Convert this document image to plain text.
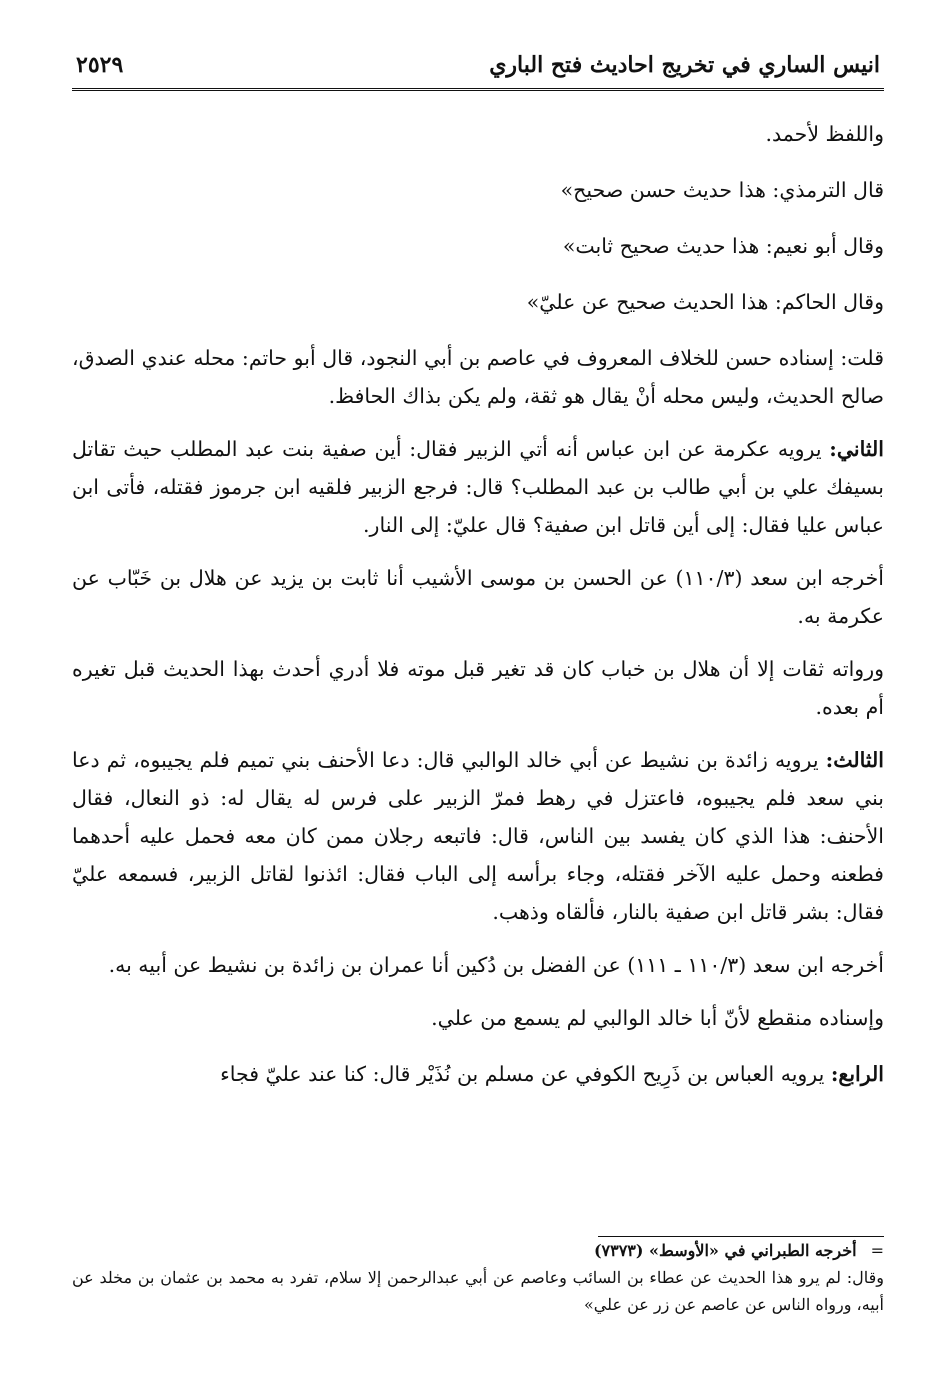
انيس الساري في تخريج احاديث فتح الباري
٢٥٢٩

واللفظ لأحمد.

قال الترمذي: هذا حديث حسن صحيح»

وقال أبو نعيم: هذا حديث صحيح ثابت»

وقال الحاكم: هذا الحديث صحيح عن عليّ»

قلت: إسناده حسن للخلاف المعروف في عاصم بن أبي النجود، قال أبو حاتم: محله عندي الصدق، صالح الحديث، وليس محله أنْ يقال هو ثقة، ولم يكن بذاك الحافظ.

الثاني: يرويه عكرمة عن ابن عباس أنه أتي الزبير فقال: أين صفية بنت عبد المطلب حيث تقاتل بسيفك علي بن أبي طالب بن عبد المطلب؟ قال: فرجع الزبير فلقيه ابن جرموز فقتله، فأتى ابن عباس عليا فقال: إلى أين قاتل ابن صفية؟ قال عليّ: إلى النار.

أخرجه ابن سعد (١١٠/٣) عن الحسن بن موسى الأشيب أنا ثابت بن يزيد عن هلال بن خَبّاب عن عكرمة به.

ورواته ثقات إلا أن هلال بن خباب كان قد تغير قبل موته فلا أدري أحدث بهذا الحديث قبل تغيره أم بعده.

الثالث: يرويه زائدة بن نشيط عن أبي خالد الوالبي قال: دعا الأحنف بني تميم فلم يجيبوه، ثم دعا بني سعد فلم يجيبوه، فاعتزل في رهط فمرّ الزبير على فرس له يقال له: ذو النعال، فقال الأحنف: هذا الذي كان يفسد بين الناس، قال: فاتبعه رجلان ممن كان معه فحمل عليه أحدهما فطعنه وحمل عليه الآخر فقتله، وجاء برأسه إلى الباب فقال: ائذنوا لقاتل الزبير، فسمعه عليّ فقال: بشر قاتل ابن صفية بالنار، فألقاه وذهب.

أخرجه ابن سعد (١١٠/٣ ـ ١١١) عن الفضل بن دُكين أنا عمران بن زائدة بن نشيط عن أبيه به.

وإسناده منقطع لأنّ أبا خالد الوالبي لم يسمع من علي.

الرابع: يرويه العباس بن ذَرِيح الكوفي عن مسلم بن نُذَيْر قال: كنا عند عليّ فجاء

=أخرجه الطبراني في «الأوسط» (٧٣٧٣)

وقال: لم يرو هذا الحديث عن عطاء بن السائب وعاصم عن أبي عبدالرحمن إلا سلام، تفرد به محمد بن عثمان بن مخلد عن أبيه، ورواه الناس عن عاصم عن زر عن علي»
